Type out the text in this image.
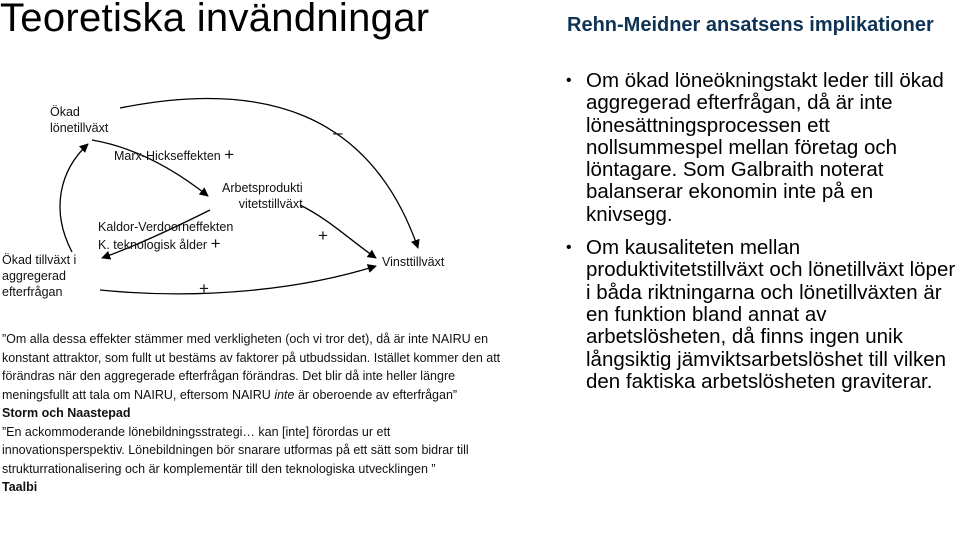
Teoretiska invändningar
Ökad
lönetillväxt
Ökad tillväxt i
aggregerad
efterfrågan
Arbetsprodukti
vitetstillväxt
Vinsttillväxt
Marx-Hickseffekten +
Kaldor-Verdoorneffekten
K. teknologisk ålder +
–
+
+

”Om alla dessa effekter stämmer med verkligheten (och vi tror det), då är inte NAIRU en konstant attraktor, som fullt ut bestäms av faktorer på utbudssidan. Istället kommer den att förändras när den aggregerade efterfrågan förändras. Det blir då inte heller längre meningsfullt att tala om NAIRU, eftersom NAIRU inte är oberoende av efterfrågan”

Storm och Naastepad

”En ackommoderande lönebildningsstrategi… kan [inte] förordas ur ett innovationsperspektiv. Lönebildningen bör snarare utformas på ett sätt som bidrar till strukturrationalisering och är komplementär till den teknologiska utvecklingen ”

Taalbi

Rehn-Meidner ansatsens implikationer
• Om ökad löneökningstakt leder till ökad aggregerad efterfrågan, då är inte lönesättningsprocessen ett nollsummespel mellan företag och löntagare. Som Galbraith noterat balanserar ekonomin inte på en knivsegg.
• Om kausaliteten mellan produktivitetstillväxt och lönetillväxt löper i båda riktningarna och lönetillväxten är en funktion bland annat av arbetslösheten, då finns ingen unik långsiktig jämviktsarbetslöshet till vilken den faktiska arbetslösheten graviterar.
